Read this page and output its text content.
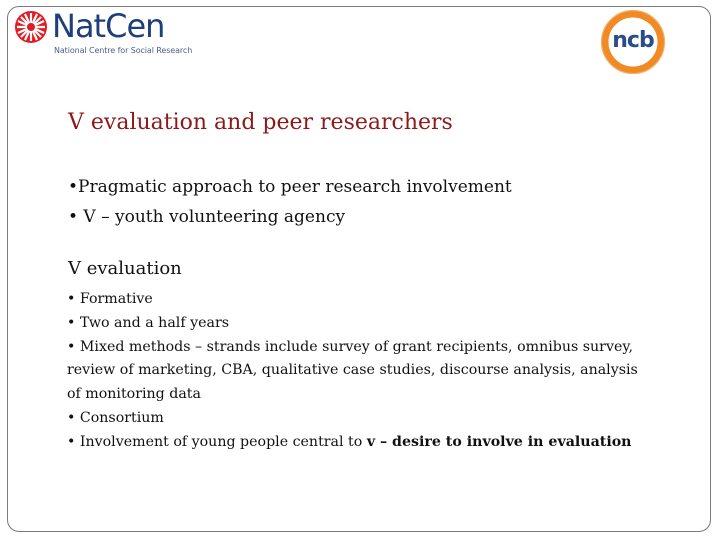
NatCen
National Centre for Social Research	ncb
V evaluation and peer researchers
•Pragmatic approach to peer research involvement
• V – youth volunteering agency
V evaluation
• Formative
• Two and a half years
• Mixed methods – strands include survey of grant recipients, omnibus survey, review of marketing, CBA, qualitative case studies, discourse analysis, analysis of monitoring data
• Consortium
• Involvement of young people central to v – desire to involve in evaluation
